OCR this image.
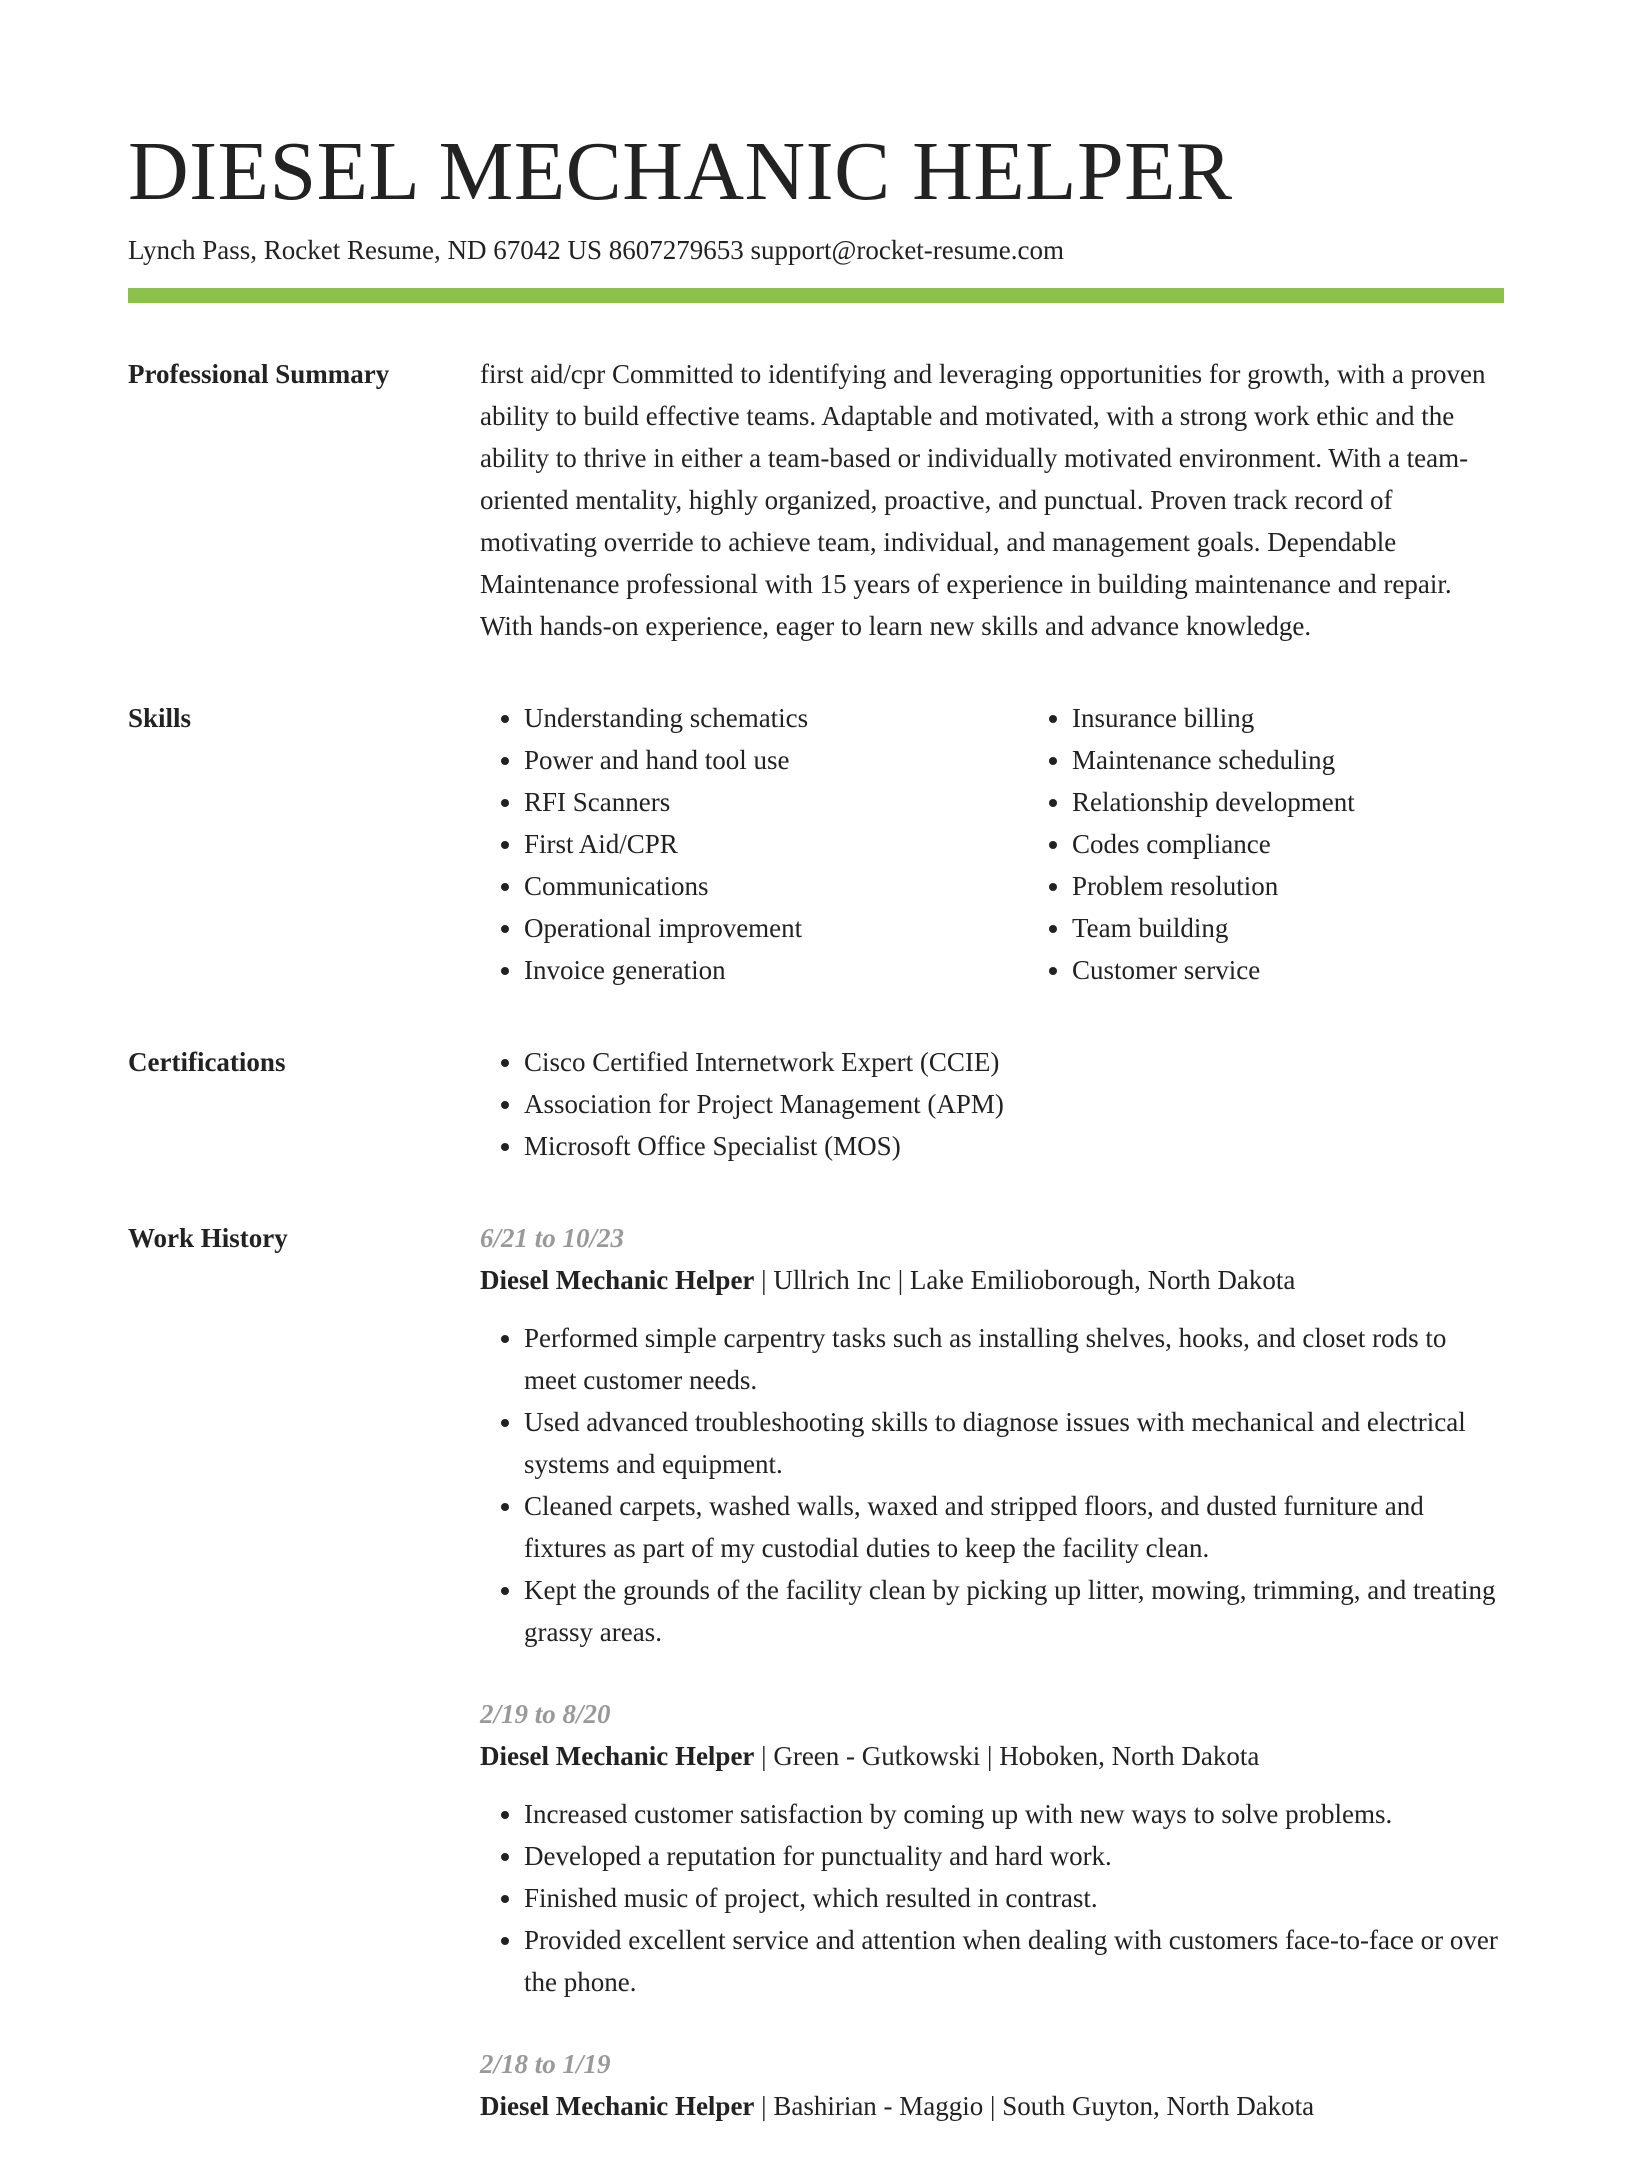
DIESEL MECHANIC HELPER
Lynch Pass, Rocket Resume, ND 67042 US 8607279653 support@rocket-resume.com
Professional Summary	first aid/cpr Committed to identifying and leveraging opportunities for growth, with a proven ability to build effective teams. Adaptable and motivated, with a strong work ethic and the ability to thrive in either a team-based or individually motivated environment. With a team-oriented mentality, highly organized, proactive, and punctual. Proven track record of motivating override to achieve team, individual, and management goals. Dependable Maintenance professional with 15 years of experience in building maintenance and repair. With hands-on experience, eager to learn new skills and advance knowledge.

Skills	• Understanding schematics
• Power and hand tool use
• RFI Scanners
• First Aid/CPR
• Communications
• Operational improvement
• Invoice generation
• Insurance billing
• Maintenance scheduling
• Relationship development
• Codes compliance
• Problem resolution
• Team building
• Customer service
Certifications	• Cisco Certified Internetwork Expert (CCIE)
• Association for Project Management (APM)
• Microsoft Office Specialist (MOS)
Work History	6/21 to 10/23
Diesel Mechanic Helper | Ullrich Inc | Lake Emilioborough, North Dakota
• Performed simple carpentry tasks such as installing shelves, hooks, and closet rods to meet customer needs.
• Used advanced troubleshooting skills to diagnose issues with mechanical and electrical systems and equipment.
• Cleaned carpets, washed walls, waxed and stripped floors, and dusted furniture and fixtures as part of my custodial duties to keep the facility clean.
• Kept the grounds of the facility clean by picking up litter, mowing, trimming, and treating grassy areas.
2/19 to 8/20
Diesel Mechanic Helper | Green - Gutkowski | Hoboken, North Dakota
• Increased customer satisfaction by coming up with new ways to solve problems.
• Developed a reputation for punctuality and hard work.
• Finished music of project, which resulted in contrast.
• Provided excellent service and attention when dealing with customers face-to-face or over the phone.
2/18 to 1/19
Diesel Mechanic Helper | Bashirian - Maggio | South Guyton, North Dakota
